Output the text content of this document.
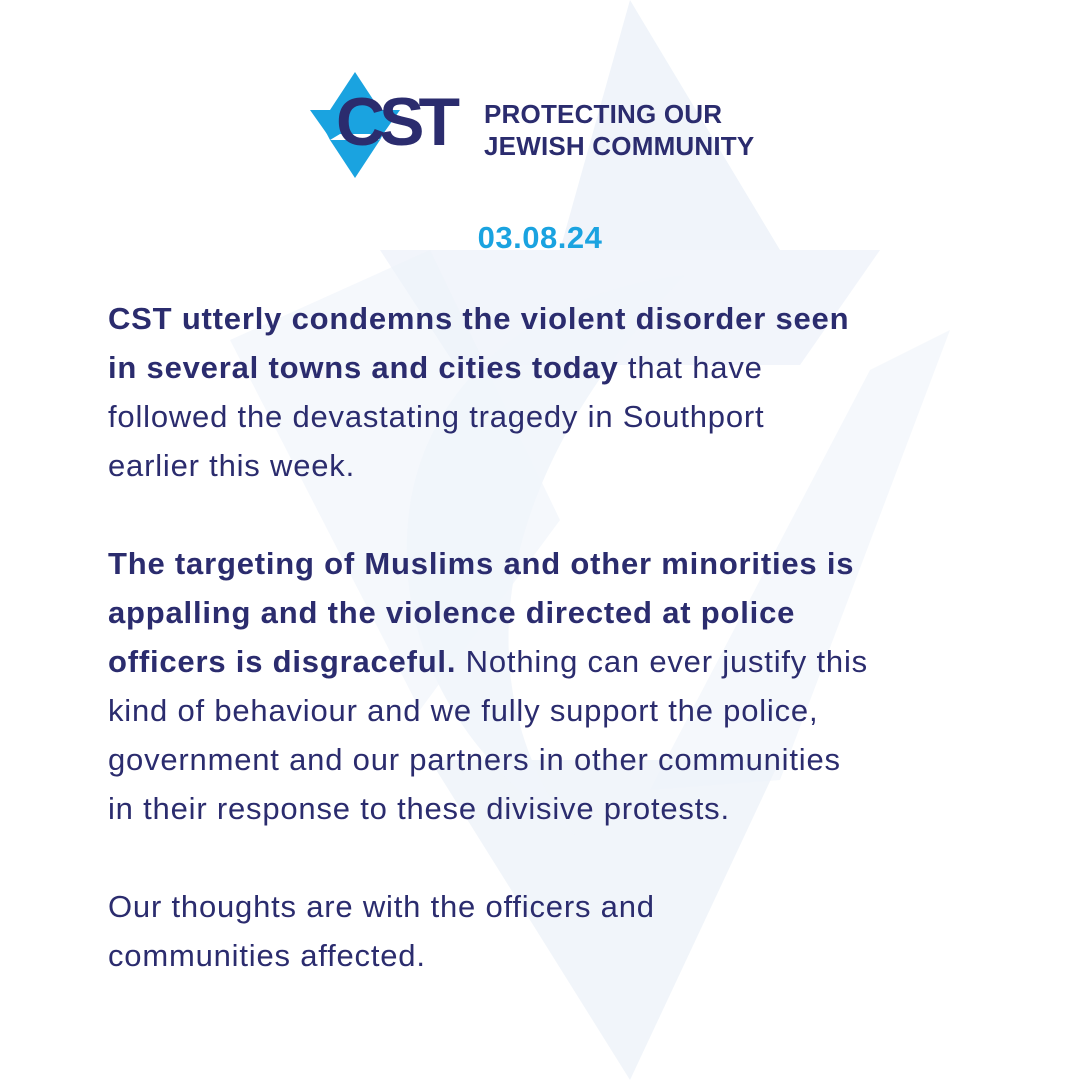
CST PROTECTING OUR
JEWISH COMMUNITY
03.08.24
CST utterly condemns the violent disorder seen
in several towns and cities today that have
followed the devastating tragedy in Southport
earlier this week.
The targeting of Muslims and other minorities is
appalling and the violence directed at police
officers is disgraceful. Nothing can ever justify this
kind of behaviour and we fully support the police,
government and our partners in other communities
in their response to these divisive protests.
Our thoughts are with the officers and
communities affected.
